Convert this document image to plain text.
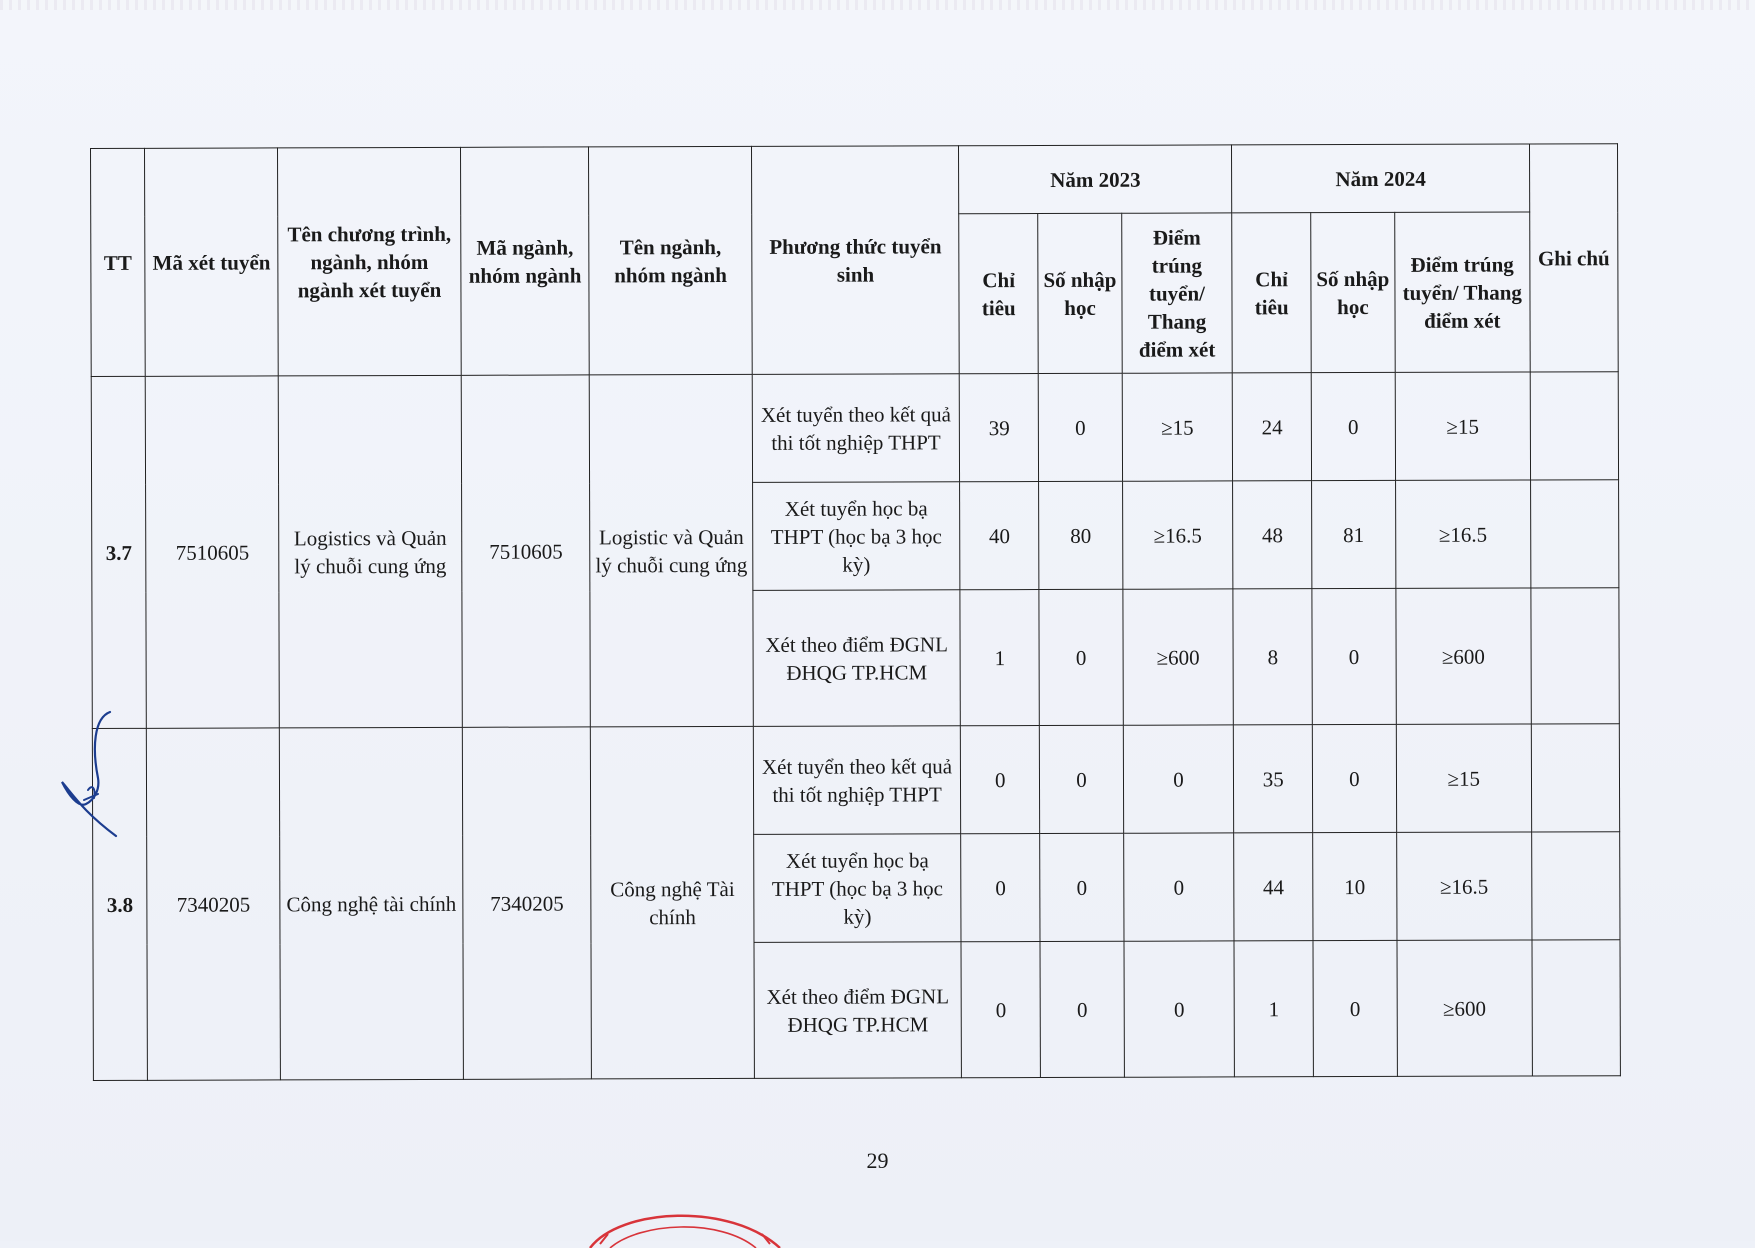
TT	Mã xét tuyển	Tên chương trình, ngành, nhóm ngành xét tuyển	Mã ngành, nhóm ngành	Tên ngành, nhóm ngành	Phương thức tuyển sinh	Năm 2023			Năm 2024			Ghi chú
						Chỉ tiêu	Số nhập học	Điểm trúng tuyển/ Thang điểm xét	Chỉ tiêu	Số nhập học	Điểm trúng tuyển/ Thang điểm xét	
3.7	7510605	Logistics và Quản lý chuỗi cung ứng	7510605	Logistic và Quản lý chuỗi cung ứng	Xét tuyển theo kết quả thi tốt nghiệp THPT	39	0	≥15	24	0	≥15	
					Xét tuyển học bạ THPT (học bạ 3 học kỳ)	40	80	≥16.5	48	81	≥16.5	
					Xét theo điểm ĐGNL ĐHQG TP.HCM	1	0	≥600	8	0	≥600	
3.8	7340205	Công nghệ tài chính	7340205	Công nghệ Tài chính	Xét tuyển theo kết quả thi tốt nghiệp THPT	0	0	0	35	0	≥15	
					Xét tuyển học bạ THPT (học bạ 3 học kỳ)	0	0	0	44	10	≥16.5	
					Xét theo điểm ĐGNL ĐHQG TP.HCM	0	0	0	1	0	≥600	
29
